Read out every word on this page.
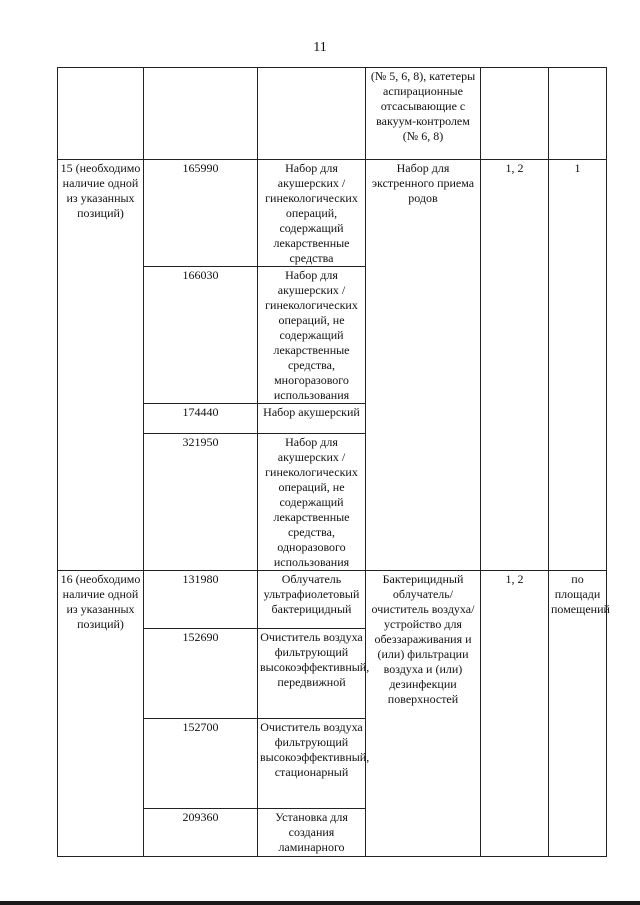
11
			(№ 5, 6, 8), катетеры аспирационные отсасывающие с вакуум-контролем (№ 6, 8)		
15 (необходимо наличие одной из указанных позиций)	165990	Набор для акушерских /гинекологических операций, содержащий лекарственные средства	Набор для экстренного приема родов	1, 2	1
	166030	Набор для акушерских /гинекологических операций, не содержащий лекарственные средства, многоразового использования			
	174440	Набор акушерский			
	321950	Набор для акушерских /гинекологических операций, не содержащий лекарственные средства, одноразового использования			
16 (необходимо наличие одной из указанных позиций)	131980	Облучатель ультрафиолетовый бактерицидный	Бактерицидный облучатель/ очиститель воздуха/ устройство для обеззараживания и (или) фильтрации воздуха и (или) дезинфекции поверхностей	1, 2	по площади помещений
	152690	Очиститель воздуха фильтрующий высокоэффективный, передвижной			
	152700	Очиститель воздуха фильтрующий высокоэффективный, стационарный			
	209360	Установка для создания ламинарного			
